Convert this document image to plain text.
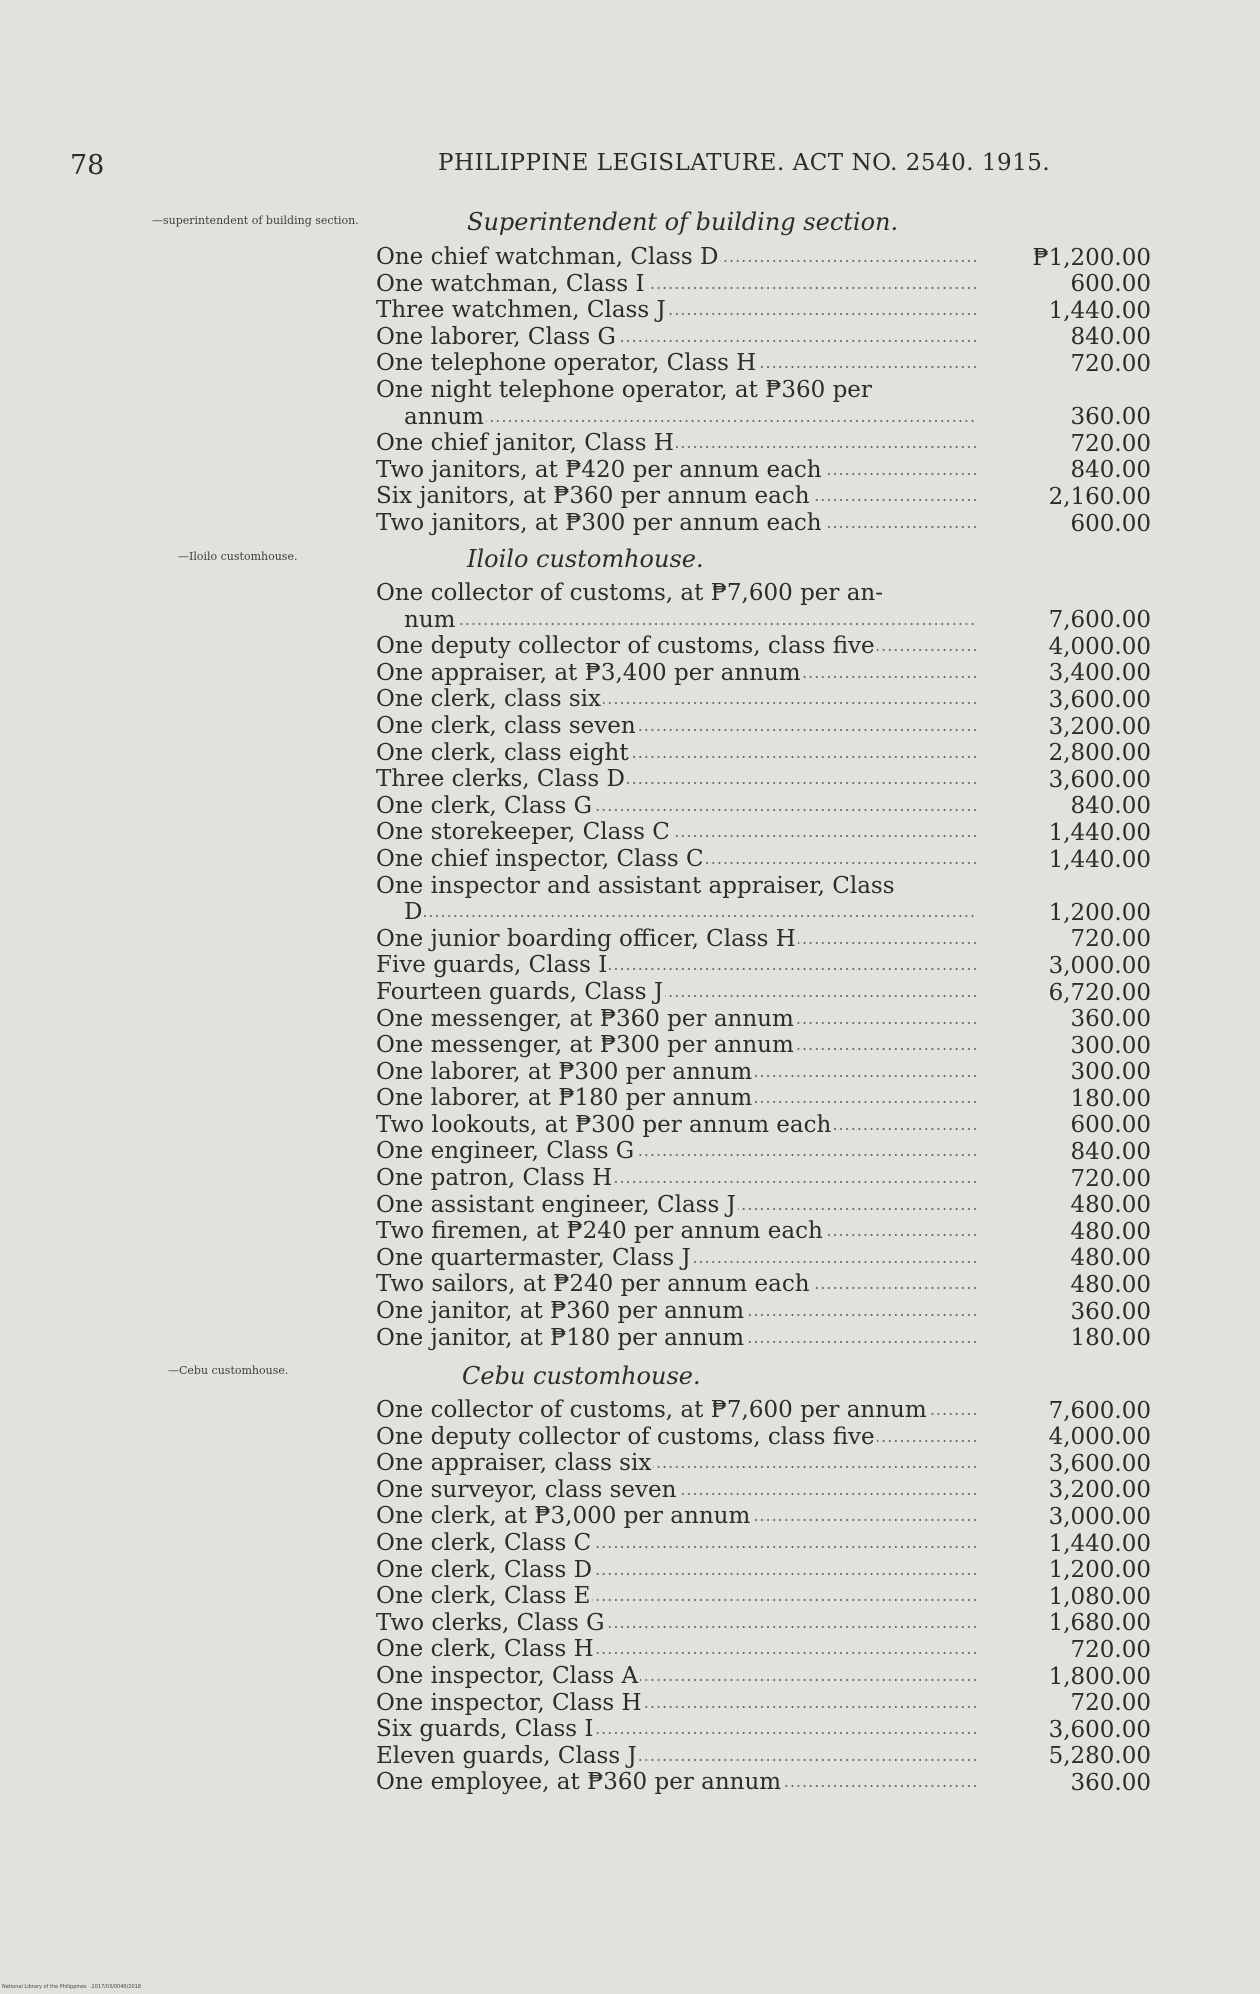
78	PHILIPPINE LEGISLATURE. ACT NO. 2540. 1915.
—superintendent of building section.	Superintendent of building section.
One chief watchman, Class D .....	₱1,200.00
One watchman, Class I .....	600.00
Three watchmen, Class J .....	1,440.00
One laborer, Class G .....	840.00
One telephone operator, Class H .....	720.00
One night telephone operator, at ₱360 per
annum .....	360.00
One chief janitor, Class H .....	720.00
Two janitors, at ₱420 per annum each .....	840.00
Six janitors, at ₱360 per annum each .....	2,160.00
Two janitors, at ₱300 per annum each .....	600.00
—Iloilo customhouse.	Iloilo customhouse.
One collector of customs, at ₱7,600 per an-
num .....	7,600.00
One deputy collector of customs, class five .....	4,000.00
One appraiser, at ₱3,400 per annum .....	3,400.00
One clerk, class six .....	3,600.00
One clerk, class seven .....	3,200.00
One clerk, class eight .....	2,800.00
Three clerks, Class D .....	3,600.00
One clerk, Class G .....	840.00
One storekeeper, Class C .....	1,440.00
One chief inspector, Class C .....	1,440.00
One inspector and assistant appraiser, Class
D .....	1,200.00
One junior boarding officer, Class H .....	720.00
Five guards, Class I .....	3,000.00
Fourteen guards, Class J .....	6,720.00
One messenger, at ₱360 per annum .....	360.00
One messenger, at ₱300 per annum .....	300.00
One laborer, at ₱300 per annum .....	300.00
One laborer, at ₱180 per annum .....	180.00
Two lookouts, at ₱300 per annum each .....	600.00
One engineer, Class G .....	840.00
One patron, Class H .....	720.00
One assistant engineer, Class J .....	480.00
Two firemen, at ₱240 per annum each .....	480.00
One quartermaster, Class J .....	480.00
Two sailors, at ₱240 per annum each .....	480.00
One janitor, at ₱360 per annum .....	360.00
One janitor, at ₱180 per annum .....	180.00
—Cebu customhouse.	Cebu customhouse.
One collector of customs, at ₱7,600 per annum .....	7,600.00
One deputy collector of customs, class five .....	4,000.00
One appraiser, class six .....	3,600.00
One surveyor, class seven .....	3,200.00
One clerk, at ₱3,000 per annum .....	3,000.00
One clerk, Class C .....	1,440.00
One clerk, Class D .....	1,200.00
One clerk, Class E .....	1,080.00
Two clerks, Class G .....	1,680.00
One clerk, Class H .....	720.00
One inspector, Class A .....	1,800.00
One inspector, Class H .....	720.00
Six guards, Class I .....	3,600.00
Eleven guards, Class J .....	5,280.00
One employee, at ₱360 per annum .....	360.00
National Library of the Philippines · 2017/03/0040/2018
